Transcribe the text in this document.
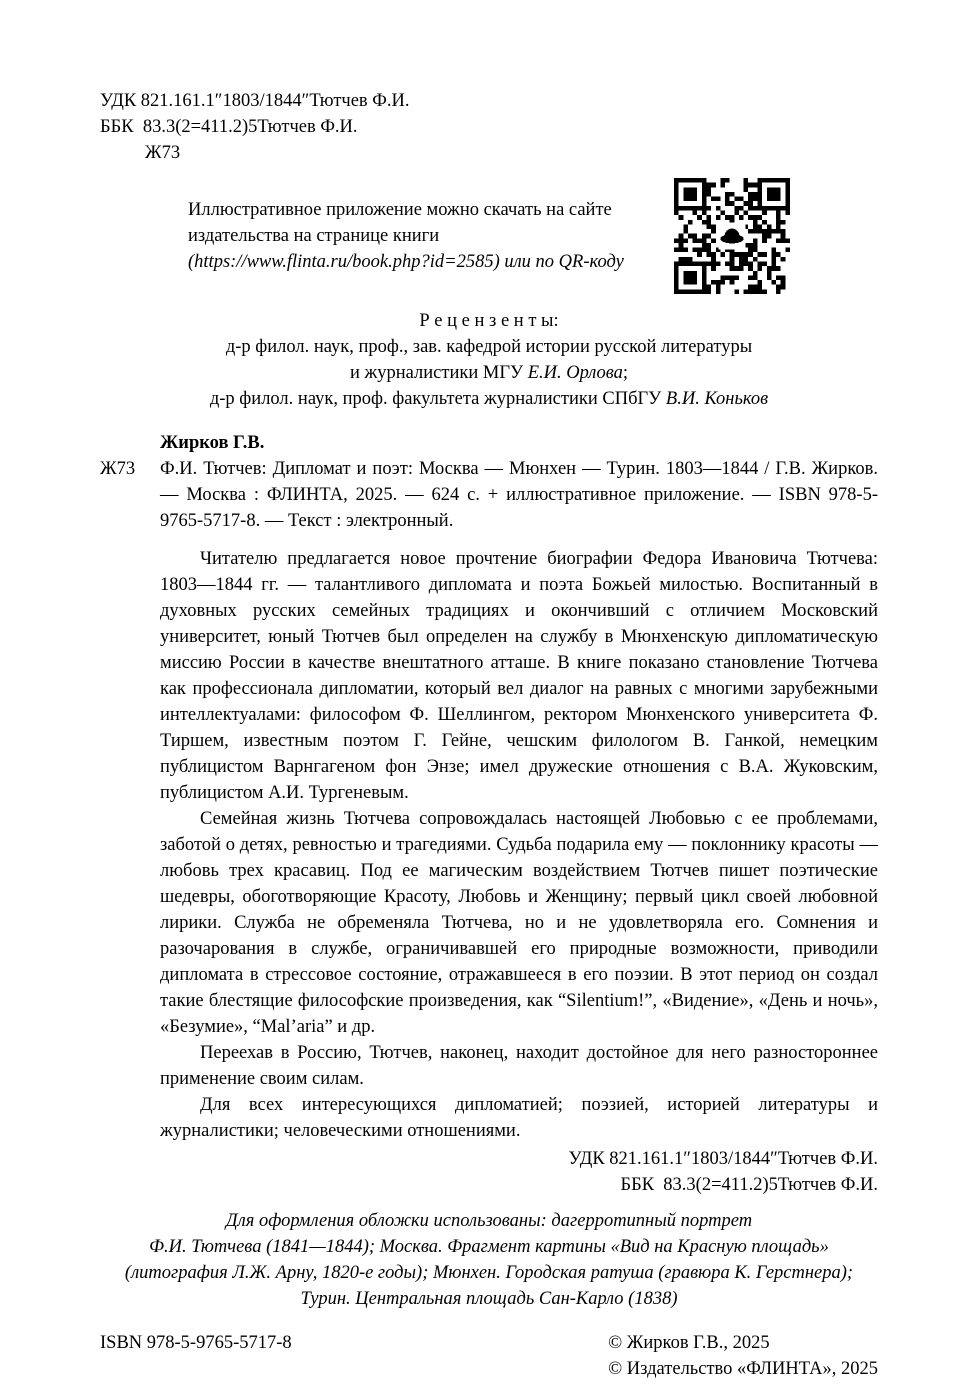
УДК 821.161.1″1803/1844″Тютчев Ф.И.
ББК  83.3(2=411.2)5Тютчев Ф.И.
Ж73
Иллюстративное приложение можно скачать на сайте
издательства на странице книги
(https://www.flinta.ru/book.php?id=2585) или по QR-коду
Р е ц е н з е н т ы:
д-р филол. наук, проф., зав. кафедрой истории русской литературы
и журналистики МГУ Е.И. Орлова;
д-р филол. наук, проф. факультета журналистики СПбГУ В.И. Коньков
Жирков Г.В.
Ж73	Ф.И. Тютчев: Дипломат и поэт: Москва — Мюнхен — Турин. 1803—1844 / Г.В. Жирков. — Москва : ФЛИНТА, 2025. — 624 с. + иллюстративное приложение. — ISBN 978-5-9765-5717-8. — Текст : электронный.

Читателю предлагается новое прочтение биографии Федора Ивановича Тютчева: 1803—1844 гг. — талантливого дипломата и поэта Божьей милостью. Воспитанный в духовных русских семейных традициях и окончивший с отличием Московский университет, юный Тютчев был определен на службу в Мюнхенскую дипломатическую миссию России в качестве внештатного атташе. В книге показано становление Тютчева как профессионала дипломатии, который вел диалог на равных с многими зарубежными интеллектуалами: философом Ф. Шеллингом, ректором Мюнхенского университета Ф. Тиршем, известным поэтом Г. Гейне, чешским филологом В. Ганкой, немецким публицистом Варнгагеном фон Энзе; имел дружеские отношения с В.А. Жуковским, публицистом А.И. Тургеневым.

Семейная жизнь Тютчева сопровождалась настоящей Любовью с ее проблемами, заботой о детях, ревностью и трагедиями. Судьба подарила ему — поклоннику красоты — любовь трех красавиц. Под ее магическим воздействием Тютчев пишет поэтические шедевры, обоготворяющие Красоту, Любовь и Женщину; первый цикл своей любовной лирики. Служба не обременяла Тютчева, но и не удовлетворяла его. Сомнения и разочарования в службе, ограничивавшей его природные возможности, приводили дипломата в стрессовое состояние, отражавшееся в его поэзии. В этот период он создал такие блестящие философские произведения, как “Silentium!”, «Видение», «День и ночь», «Безумие», “Mal’aria” и др.

Переехав в Россию, Тютчев, наконец, находит достойное для него разностороннее применение своим силам.

Для всех интересующихся дипломатией; поэзией, историей литературы и журналистики; человеческими отношениями.

УДК 821.161.1″1803/1844″Тютчев Ф.И.
ББК  83.3(2=411.2)5Тютчев Ф.И.
Для оформления обложки использованы: дагерротипный портрет
Ф.И. Тютчева (1841—1844); Москва. Фрагмент картины «Вид на Красную площадь»
(литография Л.Ж. Арну, 1820-е годы); Мюнхен. Городская ратуша (гравюра К. Герстнера);
Турин. Центральная площадь Сан-Карло (1838)
ISBN 978-5-9765-5717-8	© Жирков Г.В., 2025
© Издательство «ФЛИНТА», 2025
